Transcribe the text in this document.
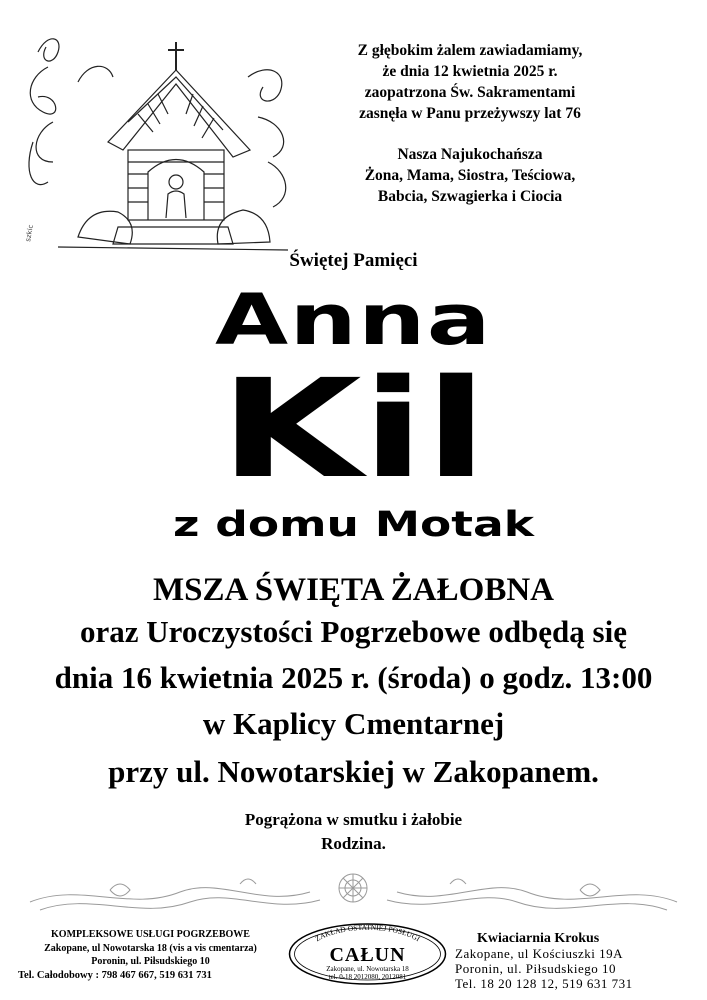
szkic
Z głębokim żalem zawiadamiamy,
że dnia 12 kwietnia 2025 r.
zaopatrzona Św. Sakramentami
zasnęła w Panu przeżywszy lat 76
Nasza Najukochańsza
Żona, Mama, Siostra, Teściowa,
Babcia, Szwagierka i Ciocia
Świętej Pamięci
Anna
Kil
z domu Motak
MSZA ŚWIĘTA ŻAŁOBNA
oraz Uroczystości Pogrzebowe odbędą się
dnia 16 kwietnia 2025 r. (środa) o godz. 13:00
w Kaplicy Cmentarnej
przy ul. Nowotarskiej w Zakopanem.
Pogrążona w smutku i żałobie
Rodzina.
KOMPLEKSOWE USŁUGI POGRZEBOWE
Zakopane, ul Nowotarska 18 (vis a vis cmentarza)
Poronin, ul. Piłsudskiego 10
Tel. Całodobowy : 798 467 667, 519 631 731
ZAKŁAD OSTATNIEJ POSŁUGI
CAŁUN
Zakopane, ul. Nowotarska 18
tel. 0-18 2012080, 2012081
Kwiaciarnia Krokus
Zakopane, ul Kościuszki 19A
Poronin, ul. Piłsudskiego 10
Tel. 18 20 128 12, 519 631 731
